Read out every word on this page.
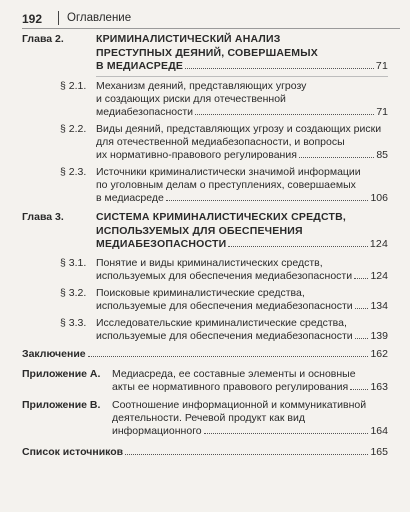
192 Оглавление
Глава 2.	КРИМИНАЛИСТИЧЕСКИЙ АНАЛИЗ
ПРЕСТУПНЫХ ДЕЯНИЙ, СОВЕРШАЕМЫХ
В МЕДИАСРЕДЕ	71
§ 2.1. Механизм деяний, представляющих угрозу
и создающих риски для отечественной
медиабезопасности	71
§ 2.2. Виды деяний, представляющих угрозу и создающих риски
для отечественной медиабезопасности, и вопросы
их нормативно-правового регулирования	85
§ 2.3. Источники криминалистически значимой информации
по уголовным делам о преступлениях, совершаемых
в медиасреде	106
Глава 3.	СИСТЕМА КРИМИНАЛИСТИЧЕСКИХ СРЕДСТВ,
ИСПОЛЬЗУЕМЫХ ДЛЯ ОБЕСПЕЧЕНИЯ
МЕДИАБЕЗОПАСНОСТИ	124
§ 3.1. Понятие и виды криминалистических средств,
используемых для обеспечения медиабезопасности 124
§ 3.2. Поисковые криминалистические средства,
используемые для обеспечения медиабезопасности 134
§ 3.3. Исследовательские криминалистические средства,
используемые для обеспечения медиабезопасности 139
Заключение	162
Приложение А. Медиасреда, ее составные элементы и основные
акты ее нормативного правового регулирования 163
Приложение В. Соотношение информационной и коммуникативной
деятельности. Речевой продукт как вид
информационного	164
Список источников	165
